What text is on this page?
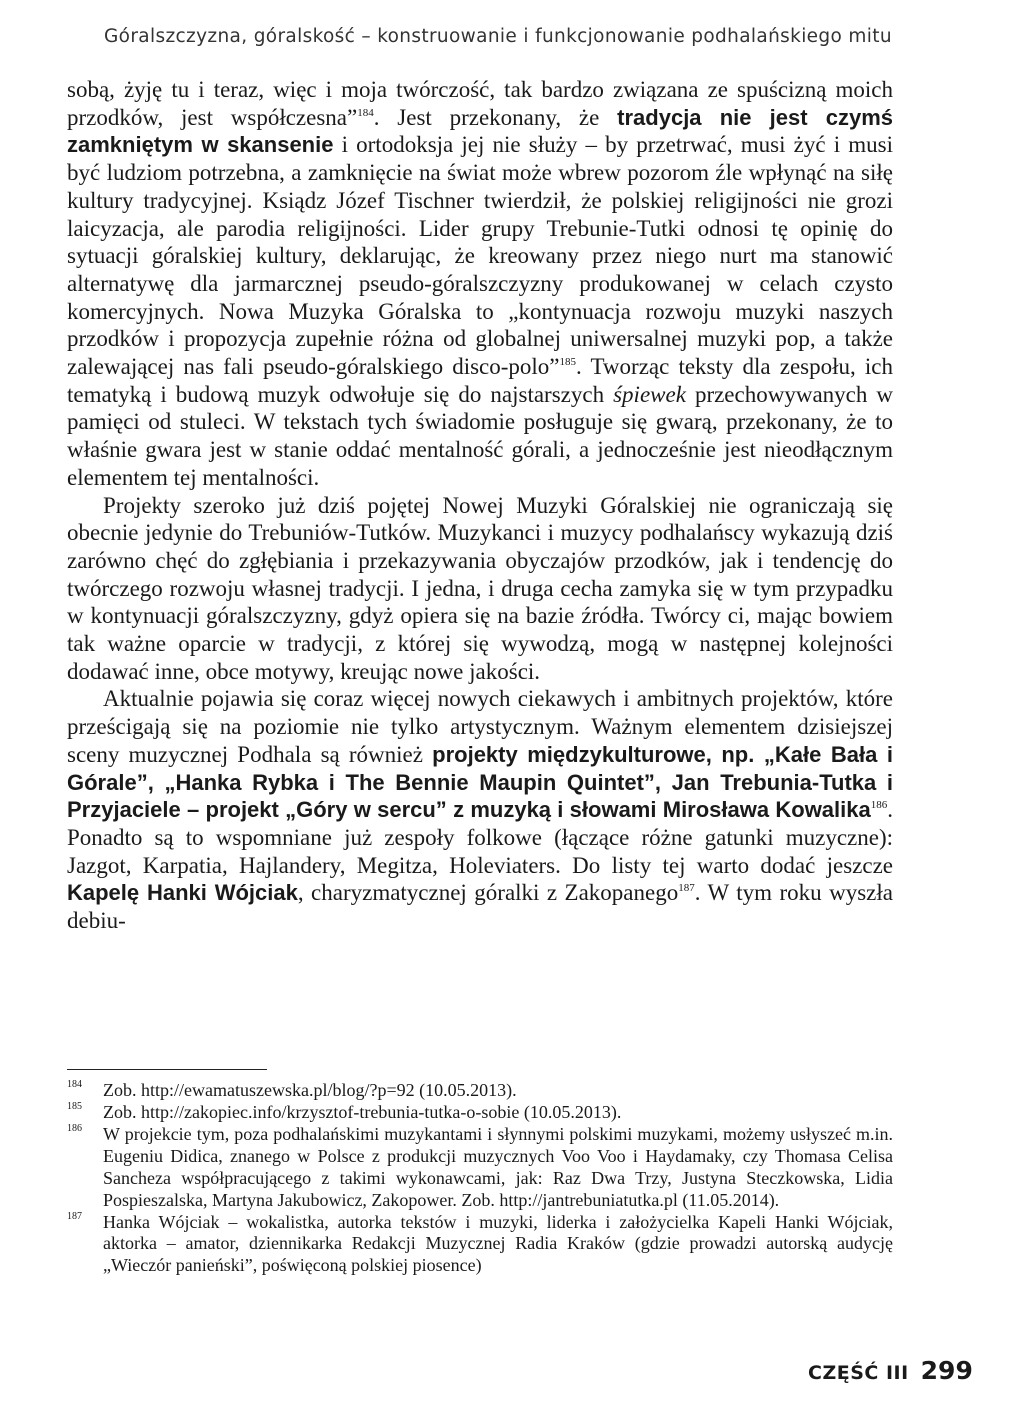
Góralszczyzna, góralskość – konstruowanie i funkcjonowanie podhalańskiego mitu

sobą, żyję tu i teraz, więc i moja twórczość, tak bardzo związana ze spuścizną moich przodków, jest współczesna”$^{184}$. Jest przekonany, że tradycja nie jest czymś zamkniętym w skansenie i ortodoksja jej nie służy – by przetrwać, musi żyć i musi być ludziom potrzebna, a zamknięcie na świat może wbrew pozorom źle wpłynąć na siłę kultury tradycyjnej. Ksiądz Józef Tischner twierdził, że polskiej religijności nie grozi laicyzacja, ale parodia religijności. Lider grupy Trebunie-Tutki odnosi tę opinię do sytuacji góralskiej kultury, deklarując, że kreowany przez niego nurt ma stanowić alternatywę dla jarmarcznej pseudo-góralszczyzny produkowanej w celach czysto komercyjnych. Nowa Muzyka Góralska to „kontynuacja rozwoju muzyki naszych przodków i propozycja zupełnie różna od globalnej uniwersalnej muzyki pop, a także zalewającej nas fali pseudo-góralskiego disco-polo”$^{185}$. Tworząc teksty dla zespołu, ich tematyką i budową muzyk odwołuje się do najstarszych śpiewek przechowywanych w pamięci od stuleci. W tekstach tych świadomie posługuje się gwarą, przekonany, że to właśnie gwara jest w stanie oddać mentalność górali, a jednocześnie jest nieodłącznym elementem tej mentalności.

Projekty szeroko już dziś pojętej Nowej Muzyki Góralskiej nie ograniczają się obecnie jedynie do Trebuniów-Tutków. Muzykanci i muzycy podhalańscy wykazują dziś zarówno chęć do zgłębiania i przekazywania obyczajów przodków, jak i tendencję do twórczego rozwoju własnej tradycji. I jedna, i druga cecha zamyka się w tym przypadku w kontynuacji góralszczyzny, gdyż opiera się na bazie źródła. Twórcy ci, mając bowiem tak ważne oparcie w tradycji, z której się wywodzą, mogą w następnej kolejności dodawać inne, obce motywy, kreując nowe jakości.

Aktualnie pojawia się coraz więcej nowych ciekawych i ambitnych projektów, które prześcigają się na poziomie nie tylko artystycznym. Ważnym elementem dzisiejszej sceny muzycznej Podhala są również projekty międzykulturowe, np. „Kałe Bała i Górale”, „Hanka Rybka i The Bennie Maupin Quintet”, Jan Trebunia-Tutka i Przyjaciele – projekt „Góry w sercu” z muzyką i słowami Mirosława Kowalika$^{186}$. Ponadto są to wspomniane już zespoły folkowe (łączące różne gatunki muzyczne): Jazgot, Karpatia, Hajlandery, Megitza, Holeviaters. Do listy tej warto dodać jeszcze Kapelę Hanki Wójciak, charyzmatycznej góralki z Zakopanego$^{187}$. W tym roku wyszła debiu-

184 Zob. http://ewamatuszewska.pl/blog/?p=92 (10.05.2013).
185 Zob. http://zakopiec.info/krzysztof-trebunia-tutka-o-sobie (10.05.2013).
186 W projekcie tym, poza podhalańskimi muzykantami i słynnymi polskimi muzykami, możemy usłyszeć m.in. Eugeniu Didica, znanego w Polsce z produkcji muzycznych Voo Voo i Haydamaky, czy Thomasa Celisa Sancheza współpracującego z takimi wykonawcami, jak: Raz Dwa Trzy, Justyna Steczkowska, Lidia Pospieszalska, Martyna Jakubowicz, Zakopower. Zob. http://jantrebuniatutka.pl (11.05.2014).
187 Hanka Wójciak – wokalistka, autorka tekstów i muzyki, liderka i założycielka Kapeli Hanki Wójciak, aktorka – amator, dziennikarka Redakcji Muzycznej Radia Kraków (gdzie prowadzi autorską audycję „Wieczór panieński”, poświęconą polskiej piosence)
CZĘŚĆ III 299
